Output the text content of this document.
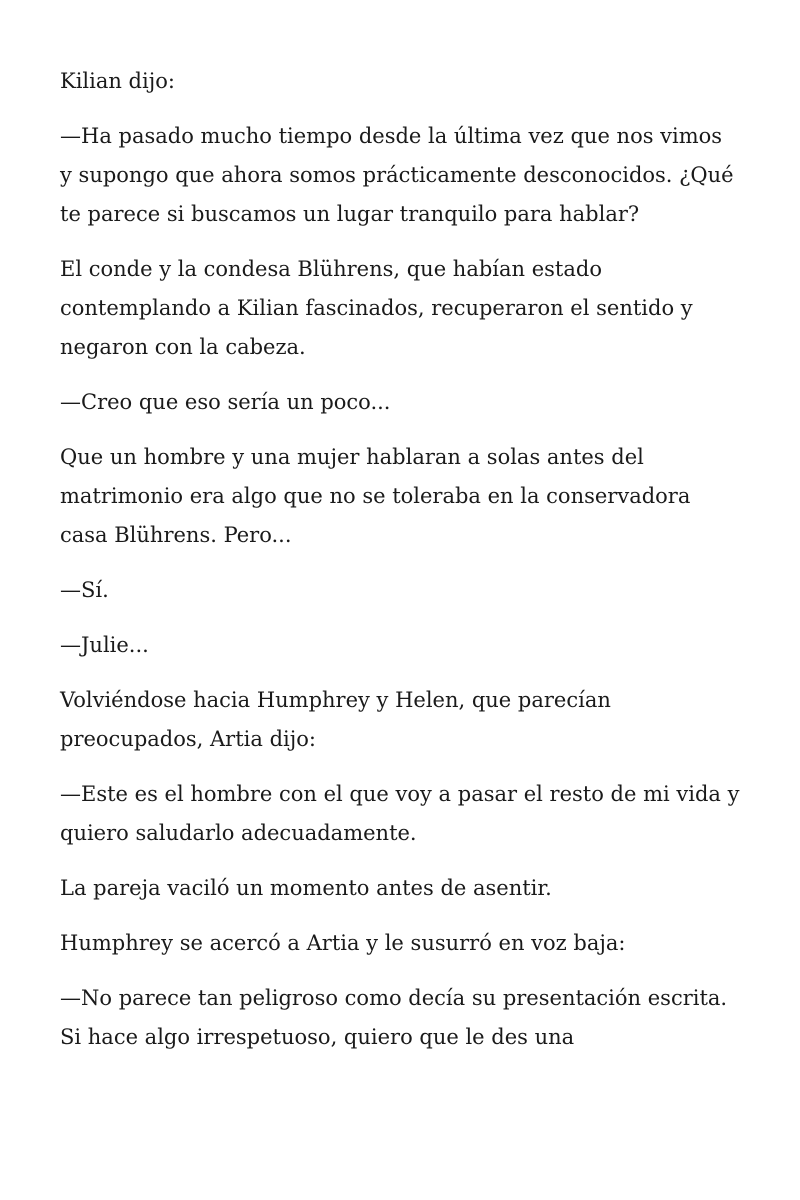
Kilian dijo:

—Ha pasado mucho tiempo desde la última vez que nos vimos y supongo que ahora somos prácticamente desconocidos. ¿Qué te parece si buscamos un lugar tranquilo para hablar?

El conde y la condesa Blührens, que habían estado contemplando a Kilian fascinados, recuperaron el sentido y negaron con la cabeza.

—Creo que eso sería un poco...

Que un hombre y una mujer hablaran a solas antes del matrimonio era algo que no se toleraba en la conservadora casa Blührens. Pero...

—Sí.

—Julie...

Volviéndose hacia Humphrey y Helen, que parecían preocupados, Artia dijo:

—Este es el hombre con el que voy a pasar el resto de mi vida y quiero saludarlo adecuadamente.

La pareja vaciló un momento antes de asentir.

Humphrey se acercó a Artia y le susurró en voz baja:

—No parece tan peligroso como decía su presentación escrita. Si hace algo irrespetuoso, quiero que le des una
